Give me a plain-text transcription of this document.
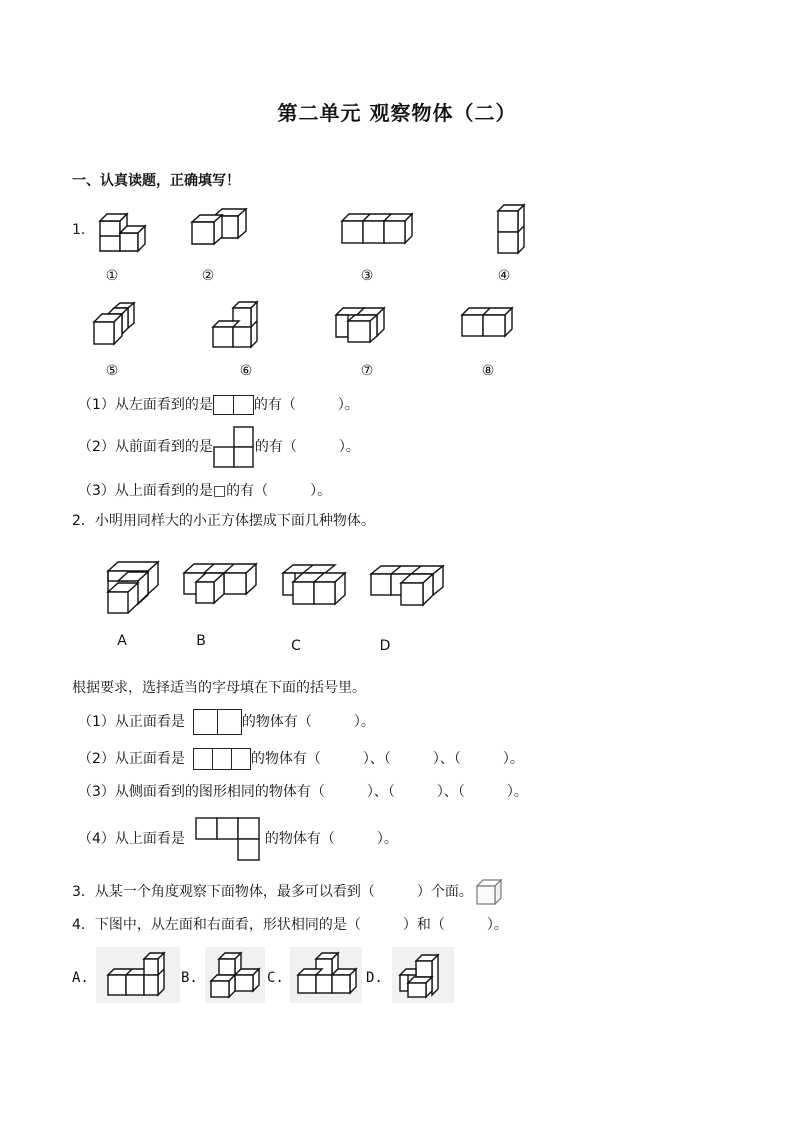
第二单元 观察物体（二）
一、认真读题，正确填写！
1.
①	②	③	④
⑤	⑥	⑦	⑧
（1）从左面看到的是	的有（　　　）。
（2）从前面看到的是	的有（　　　）。
（3）从上面看到的是 □ 的有（　　　）。
2．小明用同样大的小正方体摆成下面几种物体。
A	B	C	D
根据要求，选择适当的字母填在下面的括号里。
（1）从正面看是	的物体有（　　　）。
（2）从正面看是	的物体有（　　　）、（　　　）、（　　　）。
（3）从侧面看到的图形相同的物体有（　　　）、（　　　）、（　　　）。
（4）从上面看是	的物体有（　　　）。
3．从某一个角度观察下面物体，最多可以看到（　　　）个面。
4．下图中，从左面和右面看，形状相同的是（　　　）和（　　　）。
A.	B.	C.	D.
